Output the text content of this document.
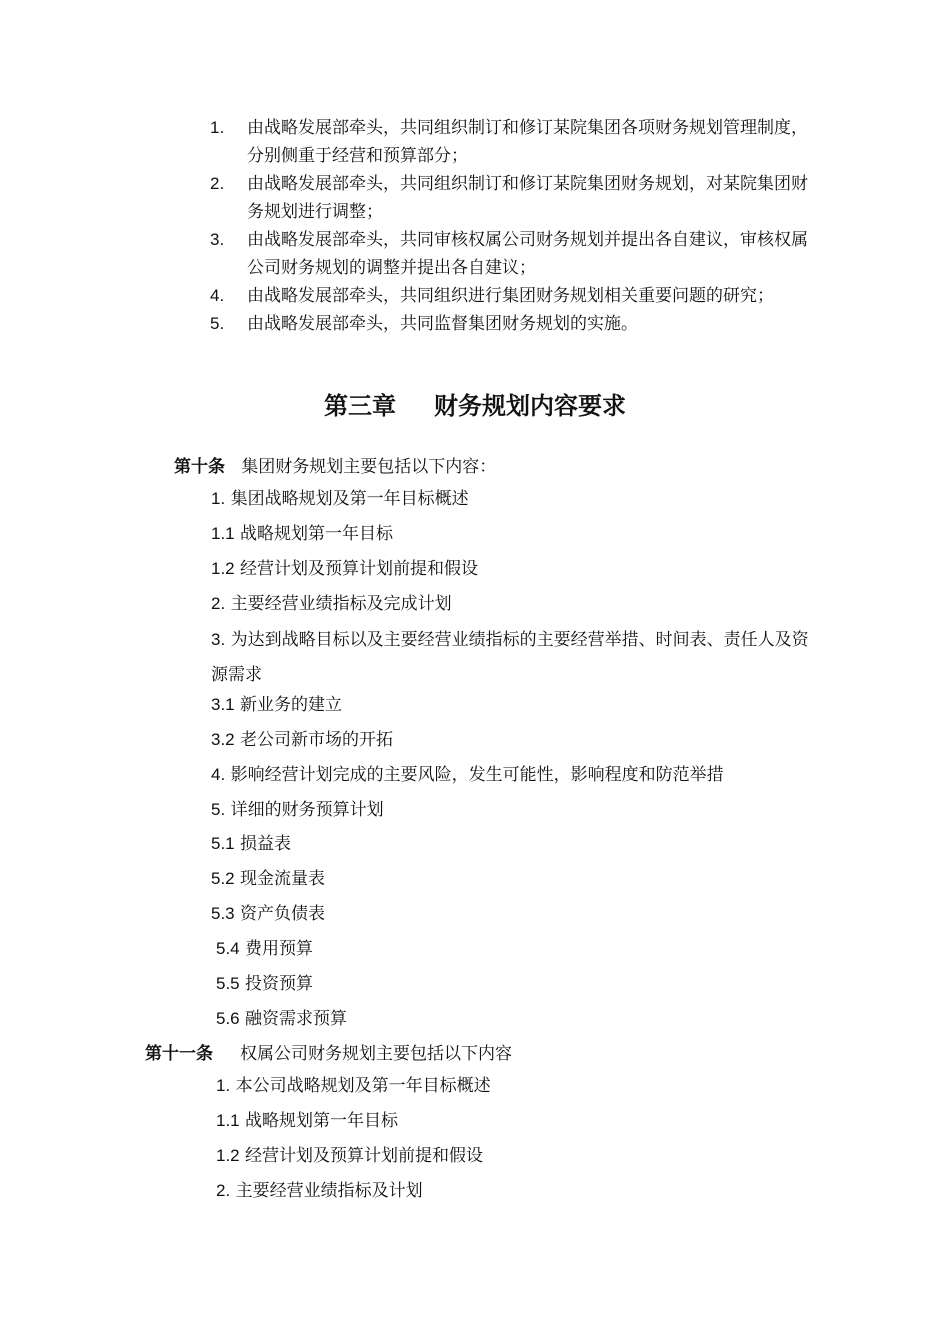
1. 由战略发展部牵头，共同组织制订和修订某院集团各项财务规划管理制度，分别侧重于经营和预算部分；
2. 由战略发展部牵头，共同组织制订和修订某院集团财务规划，对某院集团财务规划进行调整；
3. 由战略发展部牵头，共同审核权属公司财务规划并提出各自建议，审核权属公司财务规划的调整并提出各自建议；
4. 由战略发展部牵头，共同组织进行集团财务规划相关重要问题的研究；
5. 由战略发展部牵头，共同监督集团财务规划的实施。
第三章 财务规划内容要求
第十条 集团财务规划主要包括以下内容：
1. 集团战略规划及第一年目标概述
1.1 战略规划第一年目标
1.2 经营计划及预算计划前提和假设
2. 主要经营业绩指标及完成计划
3. 为达到战略目标以及主要经营业绩指标的主要经营举措、时间表、责任人及资源需求
3.1 新业务的建立
3.2 老公司新市场的开拓
4. 影响经营计划完成的主要风险，发生可能性，影响程度和防范举措
5. 详细的财务预算计划
5.1 损益表
5.2 现金流量表
5.3 资产负债表
5.4 费用预算
5.5 投资预算
5.6 融资需求预算
第十一条 权属公司财务规划主要包括以下内容
1. 本公司战略规划及第一年目标概述
1.1 战略规划第一年目标
1.2 经营计划及预算计划前提和假设
2. 主要经营业绩指标及计划
